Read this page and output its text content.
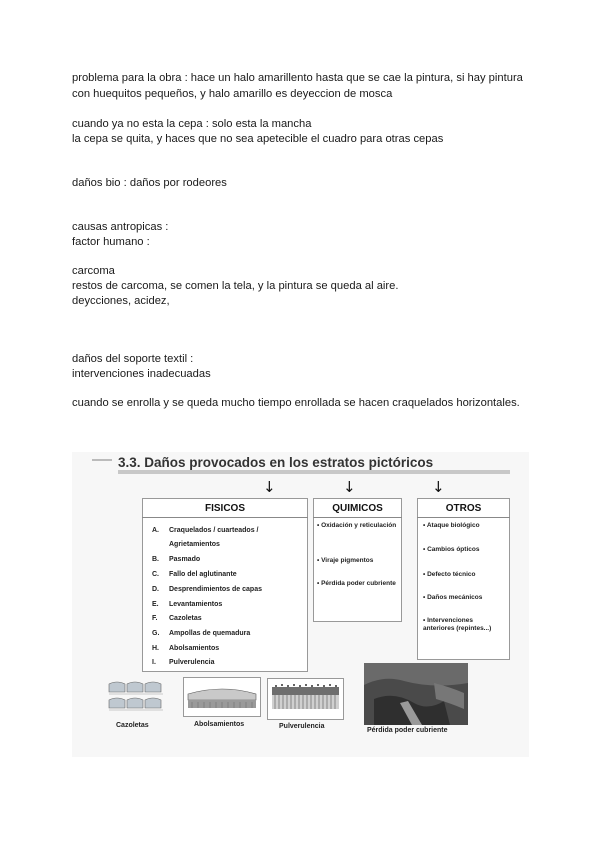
problema para la obra : hace un halo amarillento hasta que se cae la pintura, si hay pintura
con huequitos pequeños, y halo amarillo es deyeccion de mosca
cuando ya no esta la cepa : solo esta la mancha
la cepa se quita, y haces que no sea apetecible el cuadro para otras cepas
daños bio : daños por rodeores
causas antropicas :
factor humano :
carcoma
restos de carcoma, se comen la tela, y la pintura se queda al aire.
deycciones, acidez,
daños del soporte textil :
intervenciones inadecuadas
cuando se enrolla y se queda mucho tiempo enrollada se hacen craquelados horizontales.
3.3. Daños provocados en los estratos pictóricos
↓	↓	↓
FISICOS
A. Craquelados / cuarteados /
Agrietamientos
B. Pasmado
C. Fallo del aglutinante
D. Desprendimientos de capas
E. Levantamientos
F. Cazoletas
G. Ampollas de quemadura
H. Abolsamientos
I. Pulverulencia
QUIMICOS
• Oxidación y reticulación
• Viraje pigmentos
• Pérdida poder cubriente
OTROS
• Ataque biológico
• Cambios ópticos
• Defecto técnico
• Daños mecánicos
• Intervenciones anteriores (repintes...)
Cazoletas	Abolsamientos	Pulverulencia
Pérdida poder cubriente
